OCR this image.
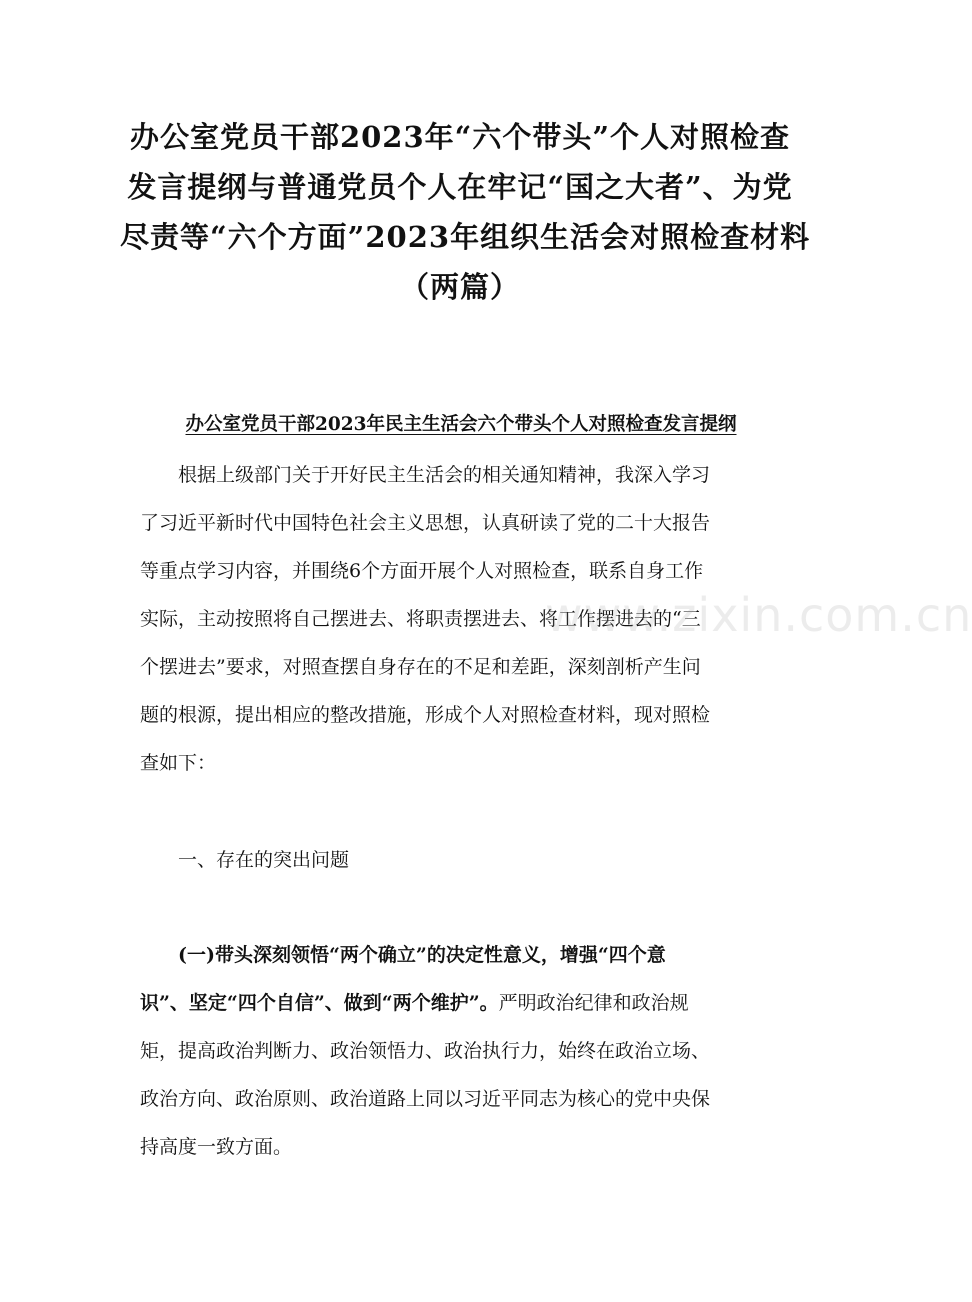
办公室党员干部2023年“六个带头”个人对照检查
发言提纲与普通党员个人在牢记“国之大者”、为党
尽责等“六个方面”2023年组织生活会对照检查材料
（两篇）
办公室党员干部2023年民主生活会六个带头个人对照检查发言提纲
根据上级部门关于开好民主生活会的相关通知精神，我深入学习
了习近平新时代中国特色社会主义思想，认真研读了党的二十大报告
等重点学习内容，并围绕6个方面开展个人对照检查，联系自身工作
实际，主动按照将自己摆进去、将职责摆进去、将工作摆进去的“三
个摆进去”要求，对照查摆自身存在的不足和差距，深刻剖析产生问
题的根源，提出相应的整改措施，形成个人对照检查材料，现对照检
查如下：
一、存在的突出问题
(一)带头深刻领悟“两个确立”的决定性意义，增强“四个意
识”、坚定“四个自信”、做到“两个维护”。严明政治纪律和政治规
矩，提高政治判断力、政治领悟力、政治执行力，始终在政治立场、
政治方向、政治原则、政治道路上同以习近平同志为核心的党中央保
持高度一致方面。
www.zixin.com.cn
